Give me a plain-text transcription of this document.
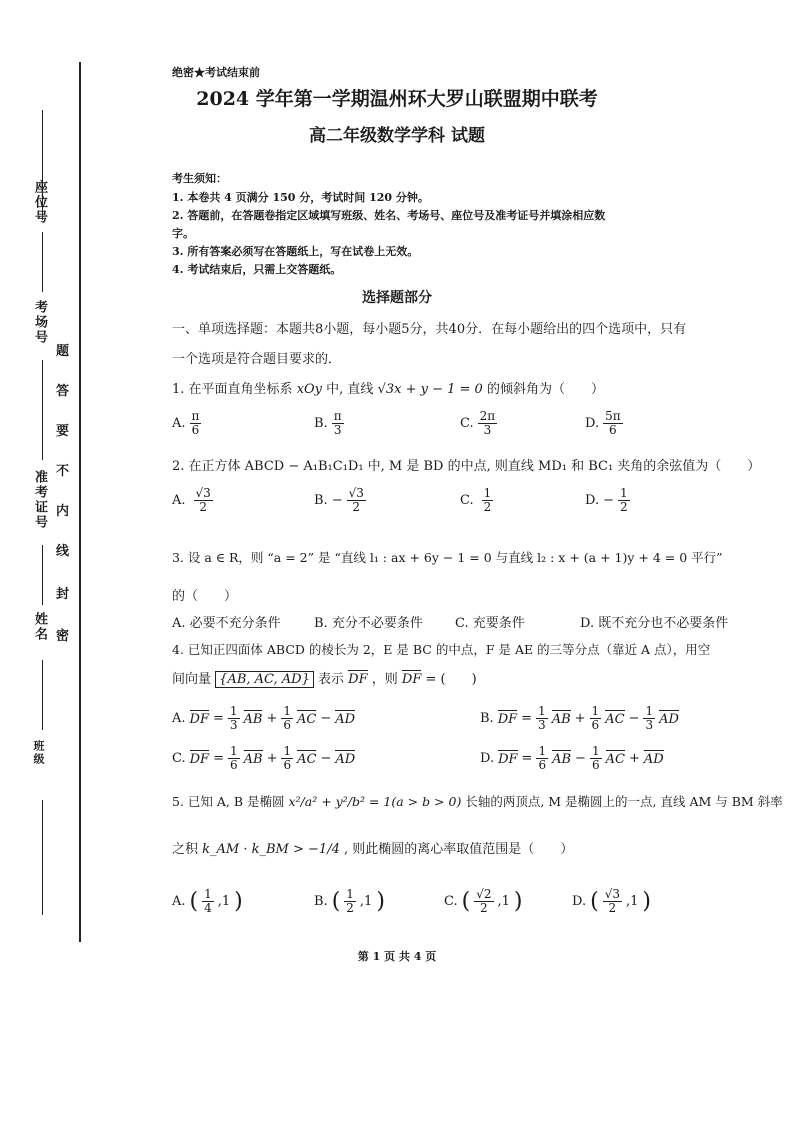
座位号
考场号
准考证号
姓名
班级
题
答
要
不
内
线
封
密
绝密★考试结束前
2024 学年第一学期温州环大罗山联盟期中联考
高二年级数学学科 试题
考生须知：
1. 本卷共 4 页满分 150 分，考试时间 120 分钟。
2. 答题前，在答题卷指定区域填写班级、姓名、考场号、座位号及准考证号并填涂相应数
字。
3. 所有答案必须写在答题纸上，写在试卷上无效。
4. 考试结束后，只需上交答题纸。
选择题部分
一、单项选择题：本题共8小题，每小题5分，共40分．在每小题给出的四个选项中，只有
一个选项是符合题目要求的．
1. 在平面直角坐标系 xOy 中, 直线 √3x + y − 1 = 0 的倾斜角为（　　）
A. $\frac{\pi}{6}$	B. $\frac{\pi}{3}$	C. $\frac{2\pi}{3}$	D. $\frac{5\pi}{6}$
2. 在正方体 ABCD − A₁B₁C₁D₁ 中, M 是 BD 的中点, 则直线 MD₁ 和 BC₁ 夹角的余弦值为（　　）
A. $\frac{√3}{2}$	B. − $\frac{√3}{2}$	C. $\frac{1}{2}$	D. − $\frac{1}{2}$
3. 设 a ∈ R，则 “a = 2” 是 “直线 l₁ : ax + 6y − 1 = 0 与直线 l₂ : x + (a + 1)y + 4 = 0 平行”
的（　　）
A. 必要不充分条件	B. 充分不必要条件 C. 充要条件	D. 既不充分也不必要条件
4. 已知正四面体 ABCD 的棱长为 2，E 是 BC 的中点，F 是 AE 的三等分点（靠近 A 点），用空
间向量 {AB, AC, AD} 表示 DF ，则 DF = (　　)
A. DF = $\frac{1}{3}$ AB + $\frac{1}{6}$ AC − AD	B. DF = $\frac{1}{3}$ AB + $\frac{1}{6}$ AC − $\frac{1}{3}$ AD
C. DF = $\frac{1}{6}$ AB + $\frac{1}{6}$ AC − AD	D. DF = $\frac{1}{6}$ AB − $\frac{1}{6}$ AC + AD
5. 已知 A, B 是椭圆 x²/a² + y²/b² = 1(a > b > 0) 长轴的两顶点, M 是椭圆上的一点, 直线 AM 与 BM 斜率
之积 k_AM · k_BM > −1/4 , 则此椭圆的离心率取值范围是（　　）
A. ( $\frac{1}{4} ,1$ )	B. ( $\frac{1}{2} ,1$ )	C. ( $\frac{√2}{2} ,1$ )	D. ( $\frac{√3}{2} ,1$ )
第 1 页 共 4 页
